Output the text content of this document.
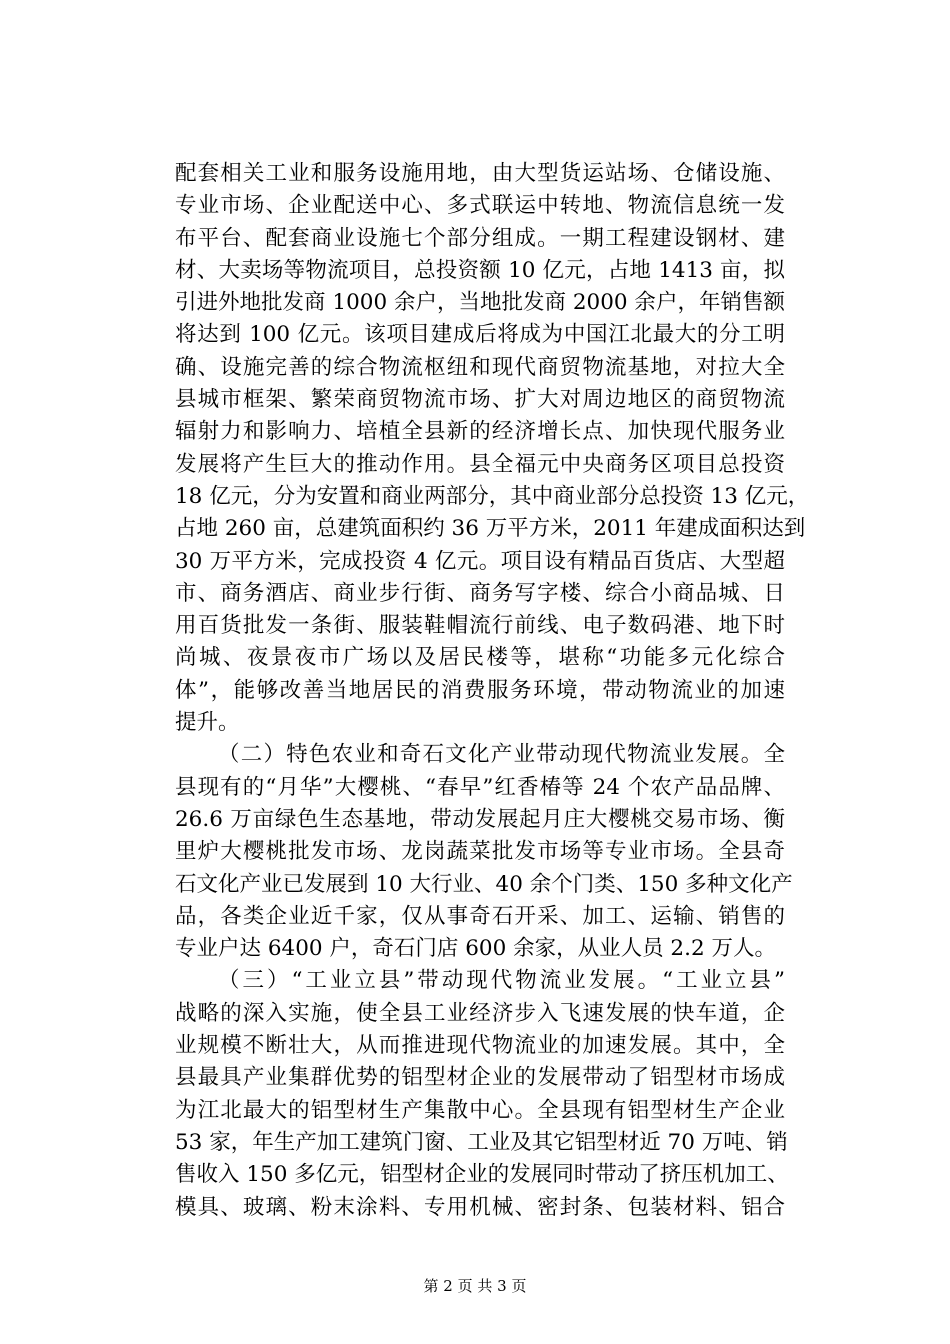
配套相关工业和服务设施用地，由大型货运站场、仓储设施、
专业市场、企业配送中心、多式联运中转地、物流信息统一发
布平台、配套商业设施七个部分组成。一期工程建设钢材、建
材、大卖场等物流项目，总投资额 10 亿元，占地 1413 亩，拟
引进外地批发商 1000 余户，当地批发商 2000 余户，年销售额
将达到 100 亿元。该项目建成后将成为中国江北最大的分工明
确、设施完善的综合物流枢纽和现代商贸物流基地，对拉大全
县城市框架、繁荣商贸物流市场、扩大对周边地区的商贸物流
辐射力和影响力、培植全县新的经济增长点、加快现代服务业
发展将产生巨大的推动作用。县全福元中央商务区项目总投资
18 亿元，分为安置和商业两部分，其中商业部分总投资 13 亿元，
占地 260 亩，总建筑面积约 36 万平方米，2011 年建成面积达到
30 万平方米，完成投资 4 亿元。项目设有精品百货店、大型超
市、商务酒店、商业步行街、商务写字楼、综合小商品城、日
用百货批发一条街、服装鞋帽流行前线、电子数码港、地下时
尚城、夜景夜市广场以及居民楼等，堪称“功能多元化综合
体”，能够改善当地居民的消费服务环境，带动物流业的加速
提升。
（二）特色农业和奇石文化产业带动现代物流业发展。全
县现有的“月华”大樱桃、“春早”红香椿等 24 个农产品品牌、
26.6 万亩绿色生态基地，带动发展起月庄大樱桃交易市场、衡
里炉大樱桃批发市场、龙岗蔬菜批发市场等专业市场。全县奇
石文化产业已发展到 10 大行业、40 余个门类、150 多种文化产
品，各类企业近千家，仅从事奇石开采、加工、运输、销售的
专业户达 6400 户，奇石门店 600 余家，从业人员 2.2 万人。
（三）“工业立县”带动现代物流业发展。“工业立县”
战略的深入实施，使全县工业经济步入飞速发展的快车道，企
业规模不断壮大，从而推进现代物流业的加速发展。其中，全
县最具产业集群优势的铝型材企业的发展带动了铝型材市场成
为江北最大的铝型材生产集散中心。全县现有铝型材生产企业
53 家，年生产加工建筑门窗、工业及其它铝型材近 70 万吨、销
售收入 150 多亿元，铝型材企业的发展同时带动了挤压机加工、
模具、玻璃、粉末涂料、专用机械、密封条、包装材料、铝合
第 2 页 共 3 页
